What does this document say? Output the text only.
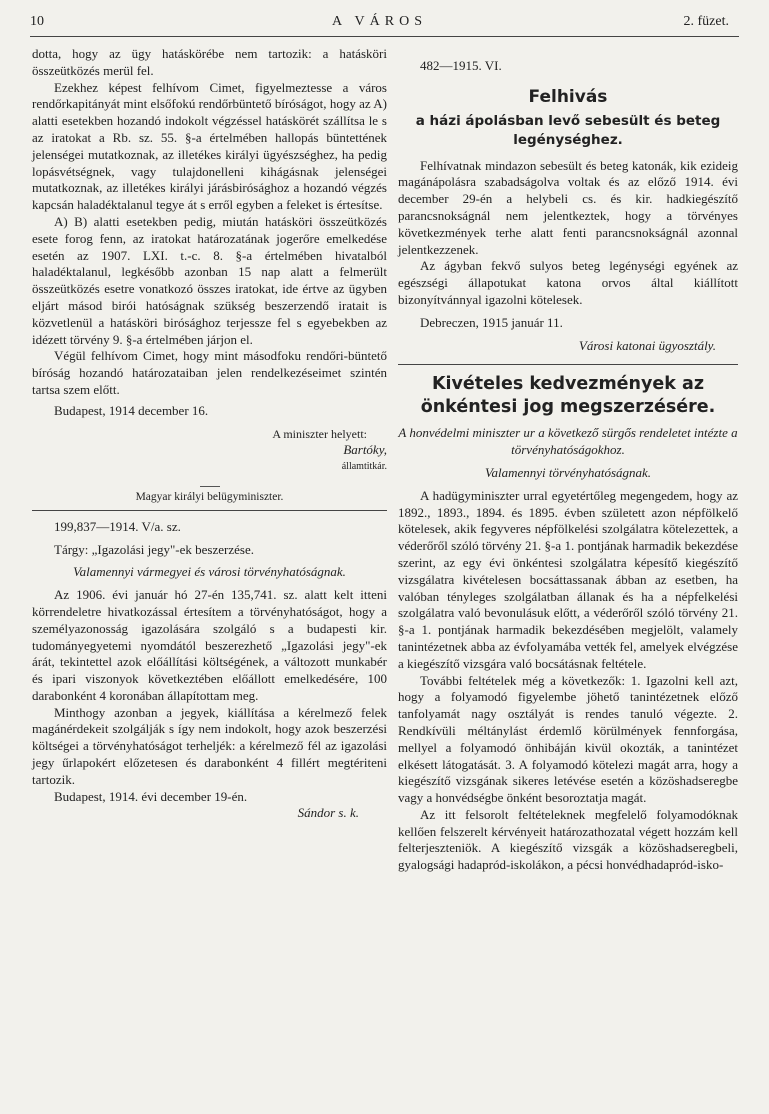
10	A VÁROS	2. füzet.

dotta, hogy az ügy hatáskörébe nem tartozik: a hatásköri összeütközés merül fel.

Ezekhez képest felhívom Cimet, figyelmeztesse a város rendőrkapitányát mint elsőfokú rendőrbüntető bíróságot, hogy az A) alatti esetekben hozandó indokolt végzéssel hatáskörét szállítsa le s az iratokat a Rb. sz. 55. §-a értelmében hallopás büntettének jelenségei mutatkoznak, az illetékes királyi ügyészséghez, ha pedig lopásvétségnek, vagy tulajdonelleni kihágásnak jelenségei mutatkoznak, az illetékes királyi járásbirósághoz a hozandó végzés kapcsán haladéktalanul tegye át s erről egyben a feleket is értesítse.

A) B) alatti esetekben pedig, miután hatásköri összeütközés esete forog fenn, az iratokat határozatának jogerőre emelkedése esetén az 1907. LXI. t.-c. 8. §-a értelmében hivatalból haladéktalanul, legkésőbb azonban 15 nap alatt a felmerült összeütközés esetre vonatkozó összes iratokat, ide értve az ügyben eljárt másod birói hatóságnak szükség beszerzendő iratait is közvetlenül a hatásköri birósághoz terjessze fel s egyebekben az idézett törvény 9. §-a értelmében járjon el.

Végül felhívom Cimet, hogy mint másodfoku rendőri-büntető bíróság hozandó határozataiban jelen rendelkezéseimet szintén tartsa szem előtt.

Budapest, 1914 december 16.

A miniszter helyett:

Bartóky,

államtitkár.

Magyar királyi belügyminiszter.

199,837—1914. V/a. sz.

Tárgy: „Igazolási jegy"-ek beszerzése.

Valamennyi vármegyei és városi törvényhatóságnak.

Az 1906. évi január hó 27-én 135,741. sz. alatt kelt itteni körrendeletre hivatkozással értesítem a törvényhatóságot, hogy a személyazonosság igazolására szolgáló s a budapesti kir. tudományegyetemi nyomdától beszerezhető „Igazolási jegy"-ek árát, tekintettel azok előállítási költségének, a változott munkabér és ipari viszonyok következtében előállott emelkedésére, 100 darabonként 4 koronában állapítottam meg.

Minthogy azonban a jegyek, kiállítása a kérelmező felek magánérdekeit szolgálják s így nem indokolt, hogy azok beszerzési költségei a törvényhatóságot terheljék: a kérelmező fél az igazolási jegy űrlapokért előzetesen és darabonként 4 fillért megtériteni tartozik.

Budapest, 1914. évi december 19-én.

Sándor s. k.

482—1915. VI.

Felhivás
a házi ápolásban levő sebesült és beteg legénységhez.

Felhívatnak mindazon sebesült és beteg katonák, kik ezideig magánápolásra szabadságolva voltak és az előző 1914. évi december 29-én a helybeli cs. és kir. hadkiegészítő parancsnokságnál nem jelentkeztek, hogy a törvényes következmények terhe alatt fenti parancsnokságnál azonnal jelentkezzenek.

Az ágyban fekvő sulyos beteg legénységi egyének az egészségi állapotukat katona orvos által kiállított bizonyítvánnyal igazolni kötelesek.

Debreczen, 1915 január 11.

Városi katonai ügyosztály.

Kivételes kedvezmények az önkéntesi jog megszerzésére.

A honvédelmi miniszter ur a következő sürgős rendeletet intézte a törvényhatóságokhoz.

Valamennyi törvényhatóságnak.

A hadügyminiszter urral egyetértőleg megengedem, hogy az 1892., 1893., 1894. és 1895. évben született azon népfölkelő kötelesek, akik fegyveres népfölkelési szolgálatra kötelezettek, a véderőről szóló törvény 21. §-a 1. pontjának harmadik bekezdése szerint, az egy évi önkéntesi szolgálatra képesítő kiegészítő vizsgálatra kivételesen bocsáttassanak ábban az esetben, ha valóban tényleges szolgálatban állanak és ha a népfelkelési szolgálatra való bevonulásuk előtt, a véderőről szóló törvény 21. §-a 1. pontjának harmadik bekezdésében megjelölt, valamely tanintézetnek abba az évfolyamába vették fel, amelyek elvégzése a kiegészítő vizsgára való bocsátásnak feltétele.

További feltételek még a következők: 1. Igazolni kell azt, hogy a folyamodó figyelembe jöhető tanintézetnek előző tanfolyamát nagy osztályát is rendes tanuló végezte. 2. Rendkívüli méltánylást érdemlő körülmények fennforgása, mellyel a folyamodó önhibáján kivül okozták, a tanintézet elkésett látogatását. 3. A folyamodó kötelezi magát arra, hogy a kiegészítő vizsgának sikeres letévése esetén a közöshadseregbe vagy a honvédségbe önként besoroztatja magát.

Az itt felsorolt feltételeknek megfelelő folyamodóknak kellően felszerelt kérvényeit határozathozatal végett hozzám kell felterjeszteniök. A kiegészítő vizsgák a közöshadseregbeli, gyalogsági hadapród-iskolákon, a pécsi honvédhadapród-isko-
